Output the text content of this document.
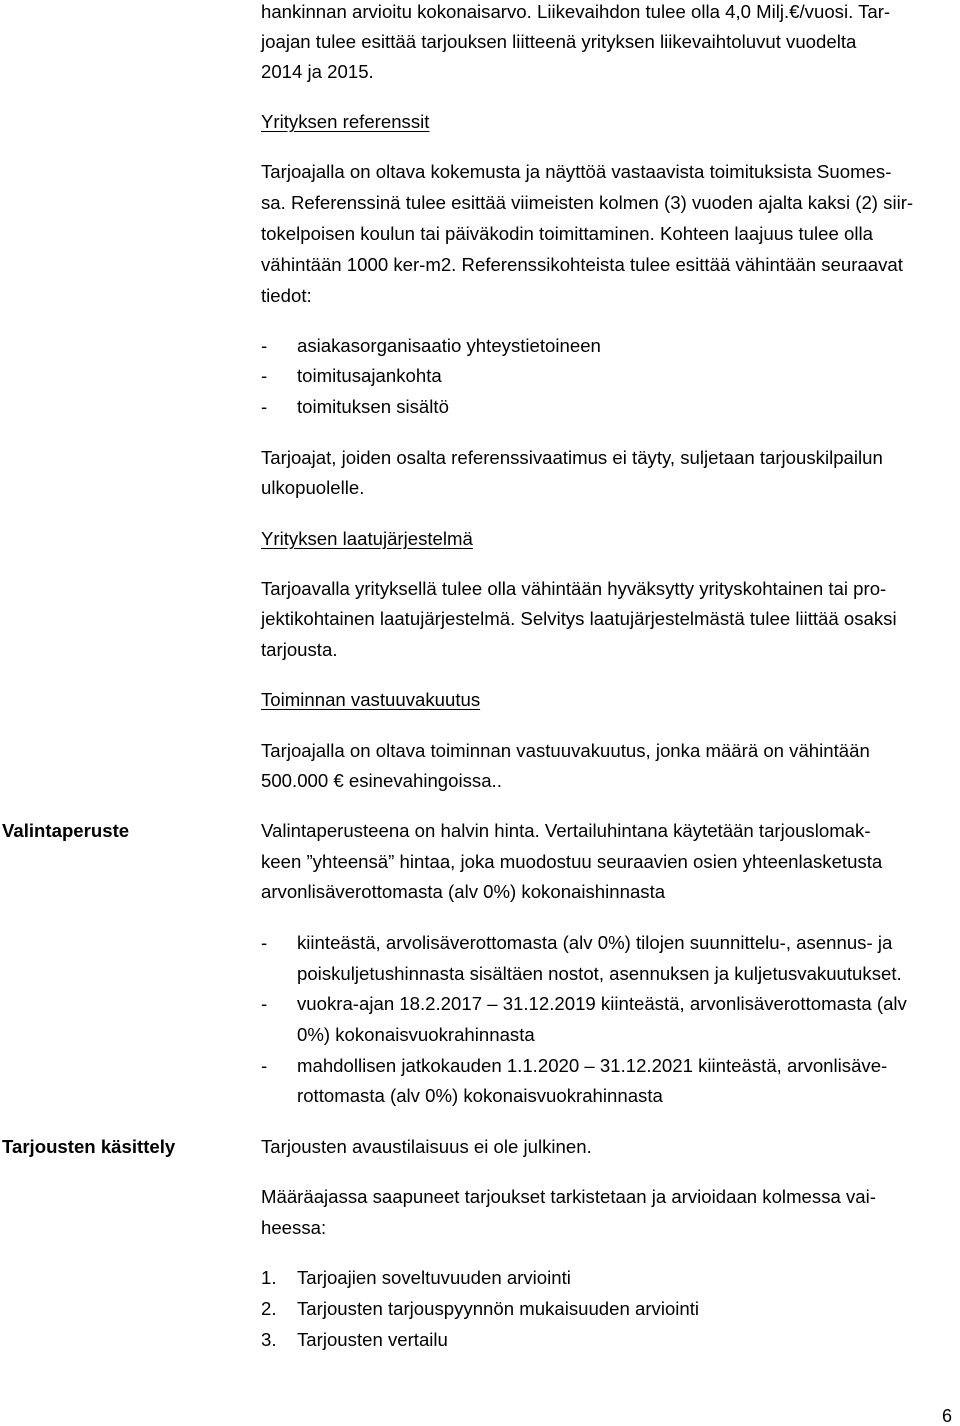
hankinnan arvioitu kokonaisarvo. Liikevaihdon tulee olla 4,0 Milj.€/vuosi. Tar-
joajan tulee esittää tarjouksen liitteenä yrityksen liikevaihtoluvut vuodelta
2014 ja 2015.
Yrityksen referenssit
Tarjoajalla on oltava kokemusta ja näyttöä vastaavista toimituksista Suomes-
sa. Referenssinä tulee esittää viimeisten kolmen (3) vuoden ajalta kaksi (2) siir-
tokelpoisen koulun tai päiväkodin toimittaminen. Kohteen laajuus tulee olla
vähintään 1000 ker-m2. Referenssikohteista tulee esittää vähintään seuraavat
tiedot:
- asiakasorganisaatio yhteystietoineen
- toimitusajankohta
- toimituksen sisältö
Tarjoajat, joiden osalta referenssivaatimus ei täyty, suljetaan tarjouskilpailun
ulkopuolelle.
Yrityksen laatujärjestelmä
Tarjoavalla yrityksellä tulee olla vähintään hyväksytty yrityskohtainen tai pro-
jektikohtainen laatujärjestelmä. Selvitys laatujärjestelmästä tulee liittää osaksi
tarjousta.
Toiminnan vastuuvakuutus
Tarjoajalla on oltava toiminnan vastuuvakuutus, jonka määrä on vähintään
500.000 € esinevahingoissa..
Valintaperuste	Valintaperusteena on halvin hinta. Vertailuhintana käytetään tarjouslomak-
keen ”yhteensä” hintaa, joka muodostuu seuraavien osien yhteenlasketusta
arvonlisäverottomasta (alv 0%) kokonaishinnasta
- kiinteästä, arvolisäverottomasta (alv 0%) tilojen suunnittelu-, asennus- ja
poiskuljetushinnasta sisältäen nostot, asennuksen ja kuljetusvakuutukset.
- vuokra-ajan 18.2.2017 – 31.12.2019 kiinteästä, arvonlisäverottomasta (alv
0%) kokonaisvuokrahinnasta
- mahdollisen jatkokauden 1.1.2020 – 31.12.2021 kiinteästä, arvonlisäve-
rottomasta (alv 0%) kokonaisvuokrahinnasta
Tarjousten käsittely	Tarjousten avaustilaisuus ei ole julkinen.
Määräajassa saapuneet tarjoukset tarkistetaan ja arvioidaan kolmessa vai-
heessa:
1. Tarjoajien soveltuvuuden arviointi
2. Tarjousten tarjouspyynnön mukaisuuden arviointi
3. Tarjousten vertailu
6
